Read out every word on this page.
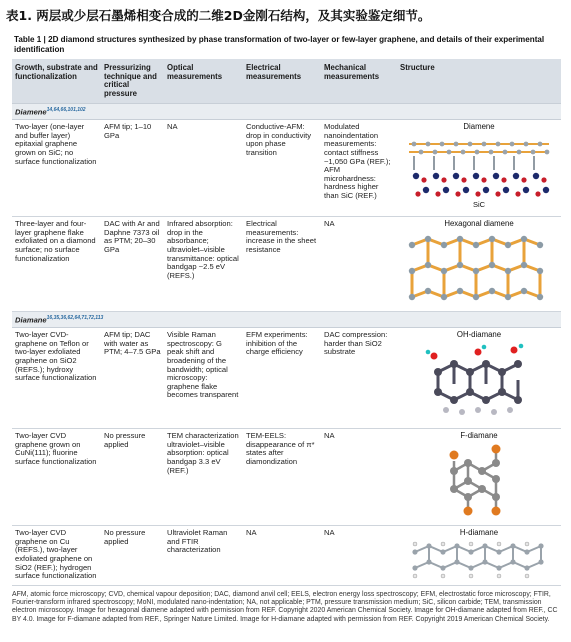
表1. 两层或少层石墨烯相变合成的二维2D金刚石结构，及其实验鉴定细节。
Table 1 | 2D diamond structures synthesized by phase transformation of two-layer or few-layer graphene, and details of their experimental identification
Growth, substrate and functionalization	Pressurizing technique and critical pressure	Optical measurements	Electrical measurements	Mechanical measurements	Structure
Diamene$^{14,64,66,101,102}$
Two-layer (one-layer and buffer layer) epitaxial graphene grown on SiC; no surface functionalization	AFM tip; 1–10 GPa	NA	Conductive-AFM: drop in conductivity upon phase transition	Modulated nanoindentation measurements: contact stiffness ~1,050 GPa (REF.); AFM microhardness: hardness higher than SiC (REF.)	Diamene
SiC

Three-layer and four-layer graphene flake exfoliated on a diamond surface; no surface functionalization	DAC with Ar and Daphne 7373 oil as PTM; 20–30 GPa	Infrared absorption: drop in the absorbance; ultraviolet–visible transmittance: optical bandgap ~2.5 eV (REFS.)	Electrical measurements: increase in the sheet resistance	NA	Hexagonal diamene

Diamane$^{16,35,36,62,64,71,72,113}$
Two-layer CVD- graphene on Teflon or two-layer exfoliated graphene on SiO2 (REFS.); hydroxy surface functionalization	AFM tip; DAC with water as PTM; 4–7.5 GPa	Visible Raman spectroscopy: G peak shift and broadening of the bandwidth; optical microscopy: graphene flake becomes transparent	EFM experiments: inhibition of the charge efficiency	DAC compression: harder than SiO2 substrate	OH-diamane

Two-layer CVD graphene grown on CuNi(111); fluorine surface functionalization	No pressure applied	TEM characterization ultraviolet–visible absorption: optical bandgap 3.3 eV (REF.)	TEM-EELS: disappearance of π* states after diamondization	NA	F-diamane

Two-layer CVD graphene on Cu (REFS.), two-layer exfoliated graphene on SiO2 (REF.); hydrogen surface functionalization	No pressure applied	Ultraviolet Raman and FTIR characterization	NA	NA	H-diamane
AFM, atomic force microscopy; CVD, chemical vapour deposition; DAC, diamond anvil cell; EELS, electron energy loss spectroscopy; EFM, electrostatic force microscopy; FTIR, Fourier-transform infrared spectroscopy; MoNI, modulated nano-indentation; NA, not applicable; PTM, pressure transmission medium; SiC, silicon carbide; TEM, transmission electron microscopy. Image for hexagonal diamene adapted with permission from REF. Copyright 2020 American Chemical Society. Image for OH-diamane adapted from REF., CC BY 4.0. Image for F-diamane adapted from REF., Springer Nature Limited. Image for H-diamane adapted with permission from REF. Copyright 2019 American Chemical Society.
